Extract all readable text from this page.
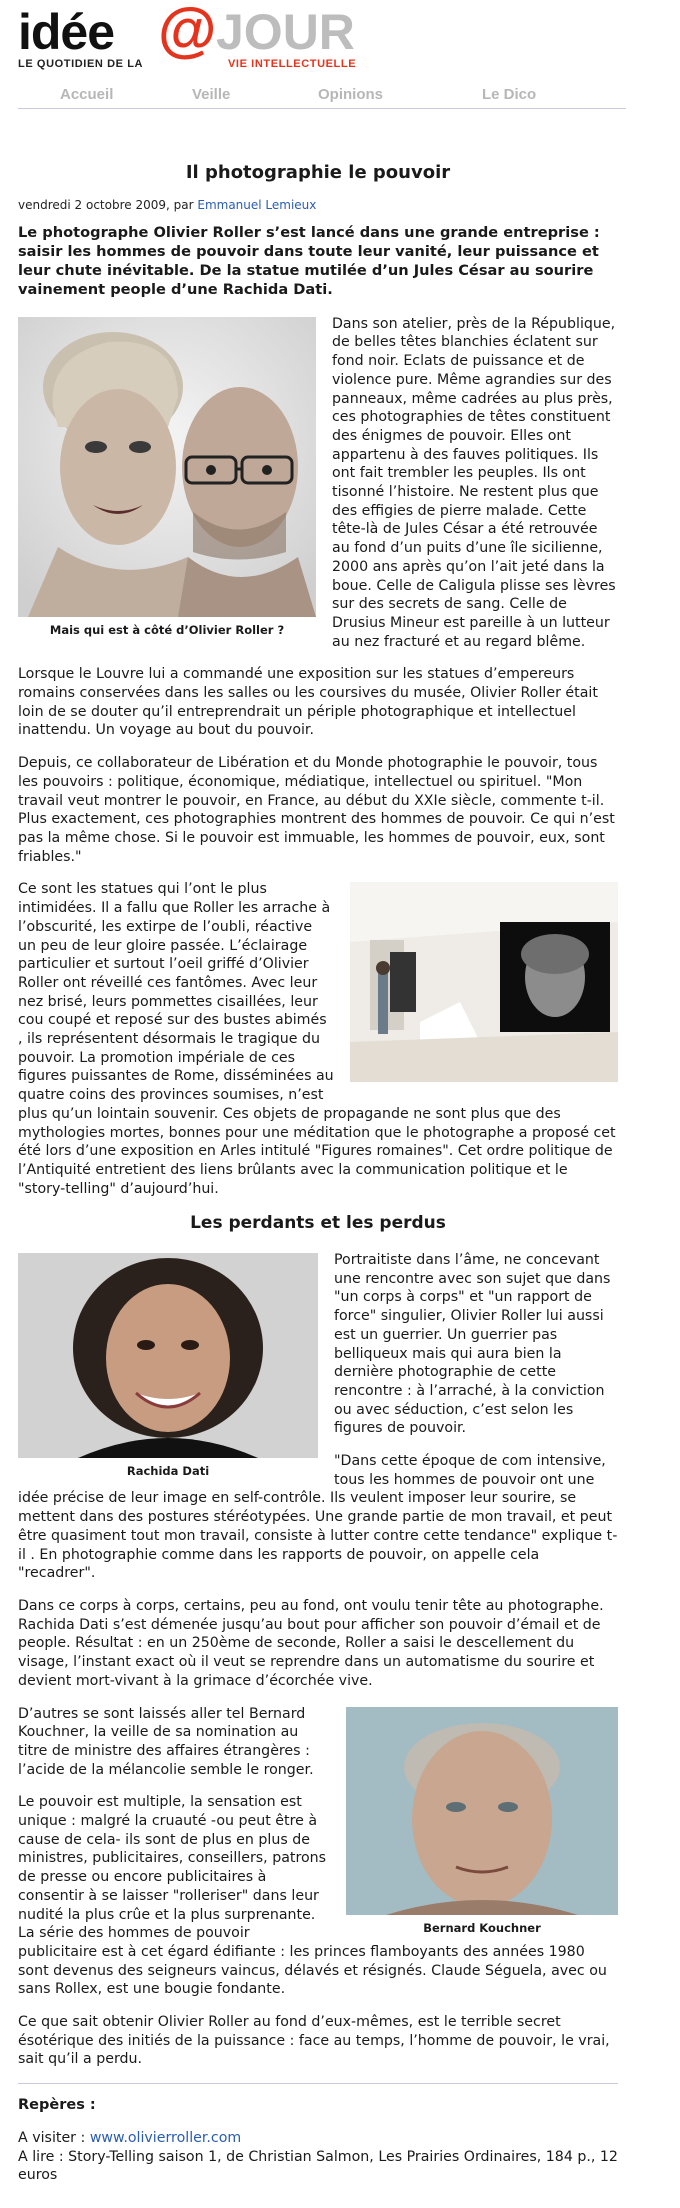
idée @ JOUR
LE QUOTIDIEN DE LA	VIE INTELLECTUELLE
Accueil	Veille	Opinions	Le Dico
Il photographie le pouvoir
vendredi 2 octobre 2009, par Emmanuel Lemieux
Le photographe Olivier Roller s’est lancé dans une grande entreprise : saisir les hommes de pouvoir dans toute leur vanité, leur puissance et leur chute inévitable. De la statue mutilée d’un Jules César au sourire vainement people d’une Rachida Dati.
Mais qui est à côté d’Olivier Roller ?

Dans son atelier, près de la République, de belles têtes blanchies éclatent sur fond noir. Eclats de puissance et de violence pure. Même agrandies sur des panneaux, même cadrées au plus près, ces photographies de têtes constituent des énigmes de pouvoir. Elles ont appartenu à des fauves politiques. Ils ont fait trembler les peuples. Ils ont tisonné l’histoire. Ne restent plus que des effigies de pierre malade. Cette tête-là de Jules César a été retrouvée au fond d’un puits d’une île sicilienne, 2000 ans après qu’on l’ait jeté dans la boue. Celle de Caligula plisse ses lèvres sur des secrets de sang. Celle de Drusius Mineur est pareille à un lutteur au nez fracturé et au regard blême.

Lorsque le Louvre lui a commandé une exposition sur les statues d’empereurs romains conservées dans les salles ou les coursives du musée, Olivier Roller était loin de se douter qu’il entreprendrait un périple photographique et intellectuel inattendu. Un voyage au bout du pouvoir.

Depuis, ce collaborateur de Libération et du Monde photographie le pouvoir, tous les pouvoirs : politique, économique, médiatique, intellectuel ou spirituel. "Mon travail veut montrer le pouvoir, en France, au début du XXIe siècle, commente t-il. Plus exactement, ces photographies montrent des hommes de pouvoir. Ce qui n’est pas la même chose. Si le pouvoir est immuable, les hommes de pouvoir, eux, sont friables."

Ce sont les statues qui l’ont le plus intimidées. Il a fallu que Roller les arrache à l’obscurité, les extirpe de l’oubli, réactive un peu de leur gloire passée. L’éclairage particulier et surtout l’oeil griffé d’Olivier Roller ont réveillé ces fantômes. Avec leur nez brisé, leurs pommettes cisaillées, leur cou coupé et reposé sur des bustes abimés , ils représentent désormais le tragique du pouvoir. La promotion impériale de ces figures puissantes de Rome, disséminées au quatre coins des provinces soumises, n’est plus qu’un lointain souvenir. Ces objets de propagande ne sont plus que des mythologies mortes, bonnes pour une méditation que le photographe a proposé cet été lors d’une exposition en Arles intitulé "Figures romaines". Cet ordre politique de l’Antiquité entretient des liens brûlants avec la communication politique et le "story-telling" d’aujourd’hui.

Les perdants et les perdus
Rachida Dati

Portraitiste dans l’âme, ne concevant une rencontre avec son sujet que dans "un corps à corps" et "un rapport de force" singulier, Olivier Roller lui aussi est un guerrier. Un guerrier pas belliqueux mais qui aura bien la dernière photographie de cette rencontre : à l’arraché, à la conviction ou avec séduction, c’est selon les figures de pouvoir.

"Dans cette époque de com intensive, tous les hommes de pouvoir ont une idée précise de leur image en self-contrôle. Ils veulent imposer leur sourire, se mettent dans des postures stéréotypées. Une grande partie de mon travail, et peut être quasiment tout mon travail, consiste à lutter contre cette tendance" explique t-il . En photographie comme dans les rapports de pouvoir, on appelle cela "recadrer".

Dans ce corps à corps, certains, peu au fond, ont voulu tenir tête au photographe. Rachida Dati s’est démenée jusqu’au bout pour afficher son pouvoir d’émail et de people. Résultat : en un 250ème de seconde, Roller a saisi le descellement du visage, l’instant exact où il veut se reprendre dans un automatisme du sourire et devient mort-vivant à la grimace d’écorchée vive.

Bernard Kouchner

D’autres se sont laissés aller tel Bernard Kouchner, la veille de sa nomination au titre de ministre des affaires étrangères : l’acide de la mélancolie semble le ronger.

Le pouvoir est multiple, la sensation est unique : malgré la cruauté -ou peut être à cause de cela- ils sont de plus en plus de ministres, publicitaires, conseillers, patrons de presse ou encore publicitaires à consentir à se laisser "rolleriser" dans leur nudité la plus crûe et la plus surprenante. La série des hommes de pouvoir publicitaire est à cet égard édifiante : les princes flamboyants des années 1980 sont devenus des seigneurs vaincus, délavés et résignés. Claude Séguela, avec ou sans Rollex, est une bougie fondante.

Ce que sait obtenir Olivier Roller au fond d’eux-mêmes, est le terrible secret ésotérique des initiés de la puissance : face au temps, l’homme de pouvoir, le vrai, sait qu’il a perdu.

Repères :
A visiter : www.olivierroller.com
A lire : Story-Telling saison 1, de Christian Salmon, Les Prairies Ordinaires, 184 p., 12 euros
